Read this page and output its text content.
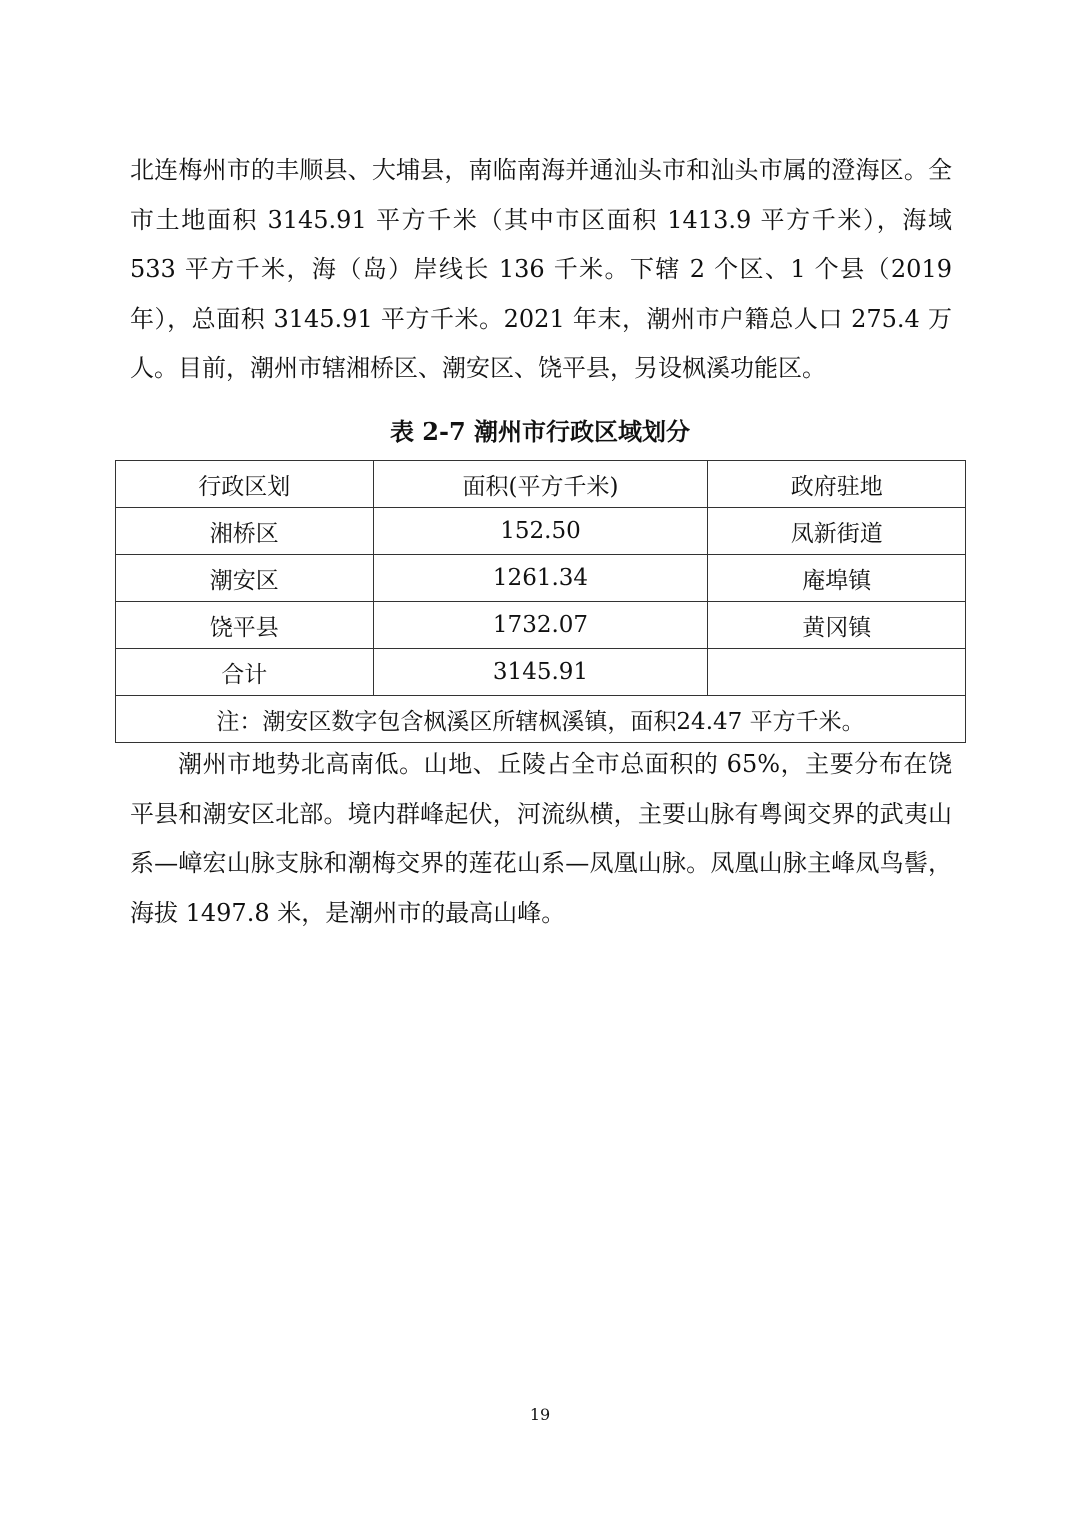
北连梅州市的丰顺县、大埔县，南临南海并通汕头市和汕头市属的澄海区。全市土地面积 3145.91 平方千米（其中市区面积 1413.9 平方千米），海域 533 平方千米，海（岛）岸线长 136 千米。下辖 2 个区、1 个县（2019 年），总面积 3145.91 平方千米。2021 年末，潮州市户籍总人口 275.4 万人。目前，潮州市辖湘桥区、潮安区、饶平县，另设枫溪功能区。

表 2-7 潮州市行政区域划分
行政区划	面积(平方千米)	政府驻地
湘桥区	152.50	凤新街道
潮安区	1261.34	庵埠镇
饶平县	1732.07	黄冈镇
合计	3145.91	
注：潮安区数字包含枫溪区所辖枫溪镇，面积24.47 平方千米。		

潮州市地势北高南低。山地、丘陵占全市总面积的 65%，主要分布在饶平县和潮安区北部。境内群峰起伏，河流纵横，主要山脉有粤闽交界的武夷山系—嶂宏山脉支脉和潮梅交界的莲花山系—凤凰山脉。凤凰山脉主峰凤鸟髻，海拔 1497.8 米，是潮州市的最高山峰。

19
